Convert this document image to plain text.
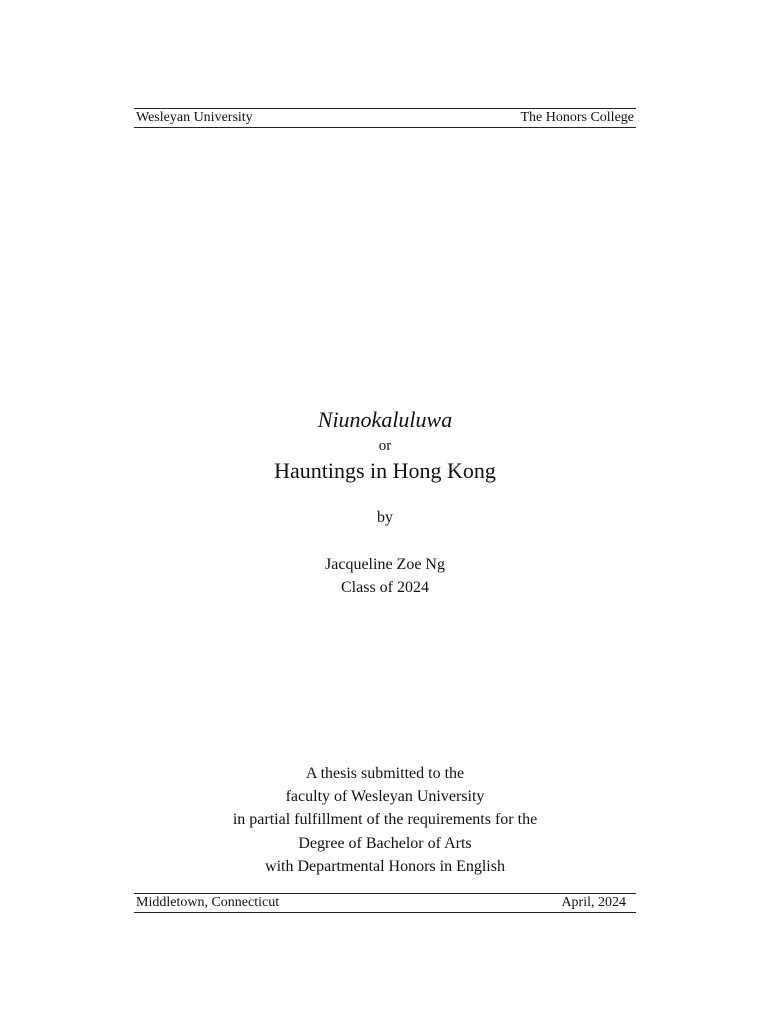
Wesleyan University	The Honors College
Niunokaluluwa
or
Hauntings in Hong Kong
by
Jacqueline Zoe Ng
Class of 2024
A thesis submitted to the
faculty of Wesleyan University
in partial fulfillment of the requirements for the
Degree of Bachelor of Arts
with Departmental Honors in English
Middletown, Connecticut	April, 2024
